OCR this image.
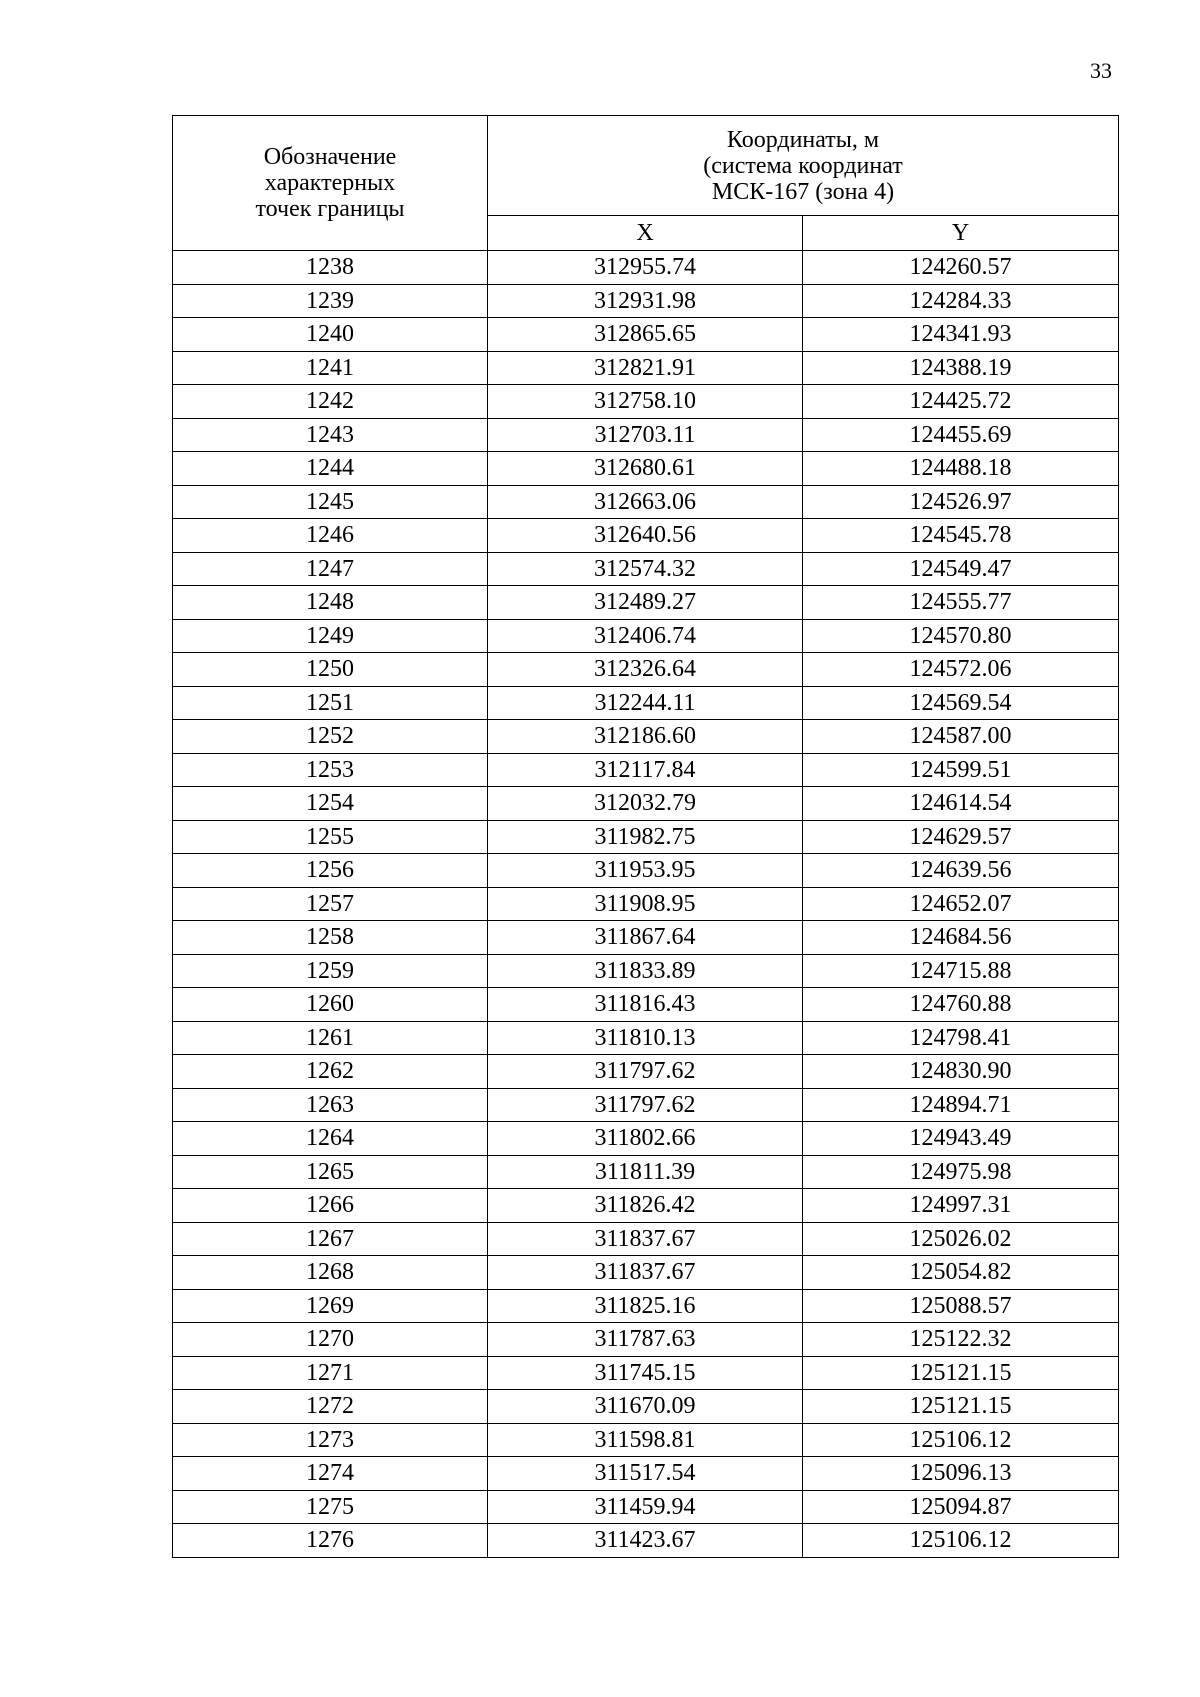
33
Обозначение
характерных
точек границы	Координаты, м
(система координат
МСК-167 (зона 4)	

	X	Y
1238	312955.74	124260.57
1239	312931.98	124284.33
1240	312865.65	124341.93
1241	312821.91	124388.19
1242	312758.10	124425.72
1243	312703.11	124455.69
1244	312680.61	124488.18
1245	312663.06	124526.97
1246	312640.56	124545.78
1247	312574.32	124549.47
1248	312489.27	124555.77
1249	312406.74	124570.80
1250	312326.64	124572.06
1251	312244.11	124569.54
1252	312186.60	124587.00
1253	312117.84	124599.51
1254	312032.79	124614.54
1255	311982.75	124629.57
1256	311953.95	124639.56
1257	311908.95	124652.07
1258	311867.64	124684.56
1259	311833.89	124715.88
1260	311816.43	124760.88
1261	311810.13	124798.41
1262	311797.62	124830.90
1263	311797.62	124894.71
1264	311802.66	124943.49
1265	311811.39	124975.98
1266	311826.42	124997.31
1267	311837.67	125026.02
1268	311837.67	125054.82
1269	311825.16	125088.57
1270	311787.63	125122.32
1271	311745.15	125121.15
1272	311670.09	125121.15
1273	311598.81	125106.12
1274	311517.54	125096.13
1275	311459.94	125094.87
1276	311423.67	125106.12
